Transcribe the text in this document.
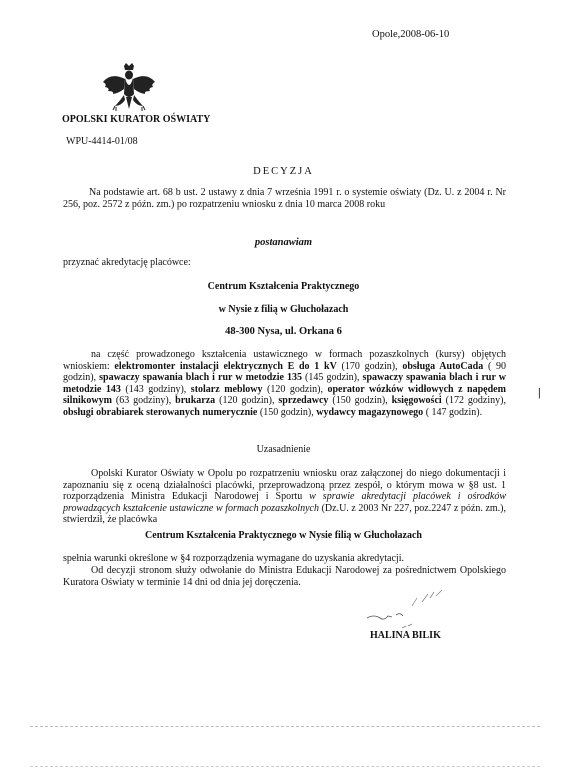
Opole,2008-06-10
OPOLSKI KURATOR OŚWIATY
WPU-4414-01/08
DECYZJA

Na podstawie art. 68 b ust. 2 ustawy z dnia 7 września 1991 r. o systemie oświaty (Dz. U. z 2004 r. Nr 256, poz. 2572 z późn. zm.) po rozpatrzeniu wniosku z dnia 10 marca 2008 roku

postanawiam
przyznać akredytację placówce:
Centrum Kształcenia Praktycznego
w Nysie z filią w Głuchołazach
48-300 Nysa, ul. Orkana 6

na część prowadzonego kształcenia ustawicznego w formach pozaszkolnych (kursy) objętych wnioskiem: elektromonter instalacji elektrycznych E do 1 kV (170 godzin), obsługa AutoCada ( 90 godzin), spawaczy spawania blach i rur w metodzie 135 (145 godzin), spawaczy spawania blach i rur w metodzie 143 (143 godziny), stolarz meblowy (120 godzin), operator wózków widłowych z napędem silnikowym (63 godziny), brukarza (120 godzin), sprzedawcy (150 godzin), księgowości (172 godziny), obsługi obrabiarek sterowanych numerycznie (150 godzin), wydawcy magazynowego ( 147 godzin).

|
Uzasadnienie

Opolski Kurator Oświaty w Opolu po rozpatrzeniu wniosku oraz załączonej do niego dokumentacji i zapoznaniu się z oceną działalności placówki, przeprowadzoną przez zespół, o którym mowa w §8 ust. 1 rozporządzenia Ministra Edukacji Narodowej i Sportu w sprawie akredytacji placówek i ośrodków prowadzących kształcenie ustawiczne w formach pozaszkolnych (Dz.U. z 2003 Nr 227, poz.2247 z późn. zm.), stwierdził, że placówka

Centrum Kształcenia Praktycznego w Nysie filią w Głuchołazach

spełnia warunki określone w §4 rozporządzenia wymagane do uzyskania akredytacji.

Od decyzji stronom służy odwołanie do Ministra Edukacji Narodowej za pośrednictwem Opolskiego Kuratora Oświaty w terminie 14 dni od dnia jej doręczenia.

HALINA BILIK
